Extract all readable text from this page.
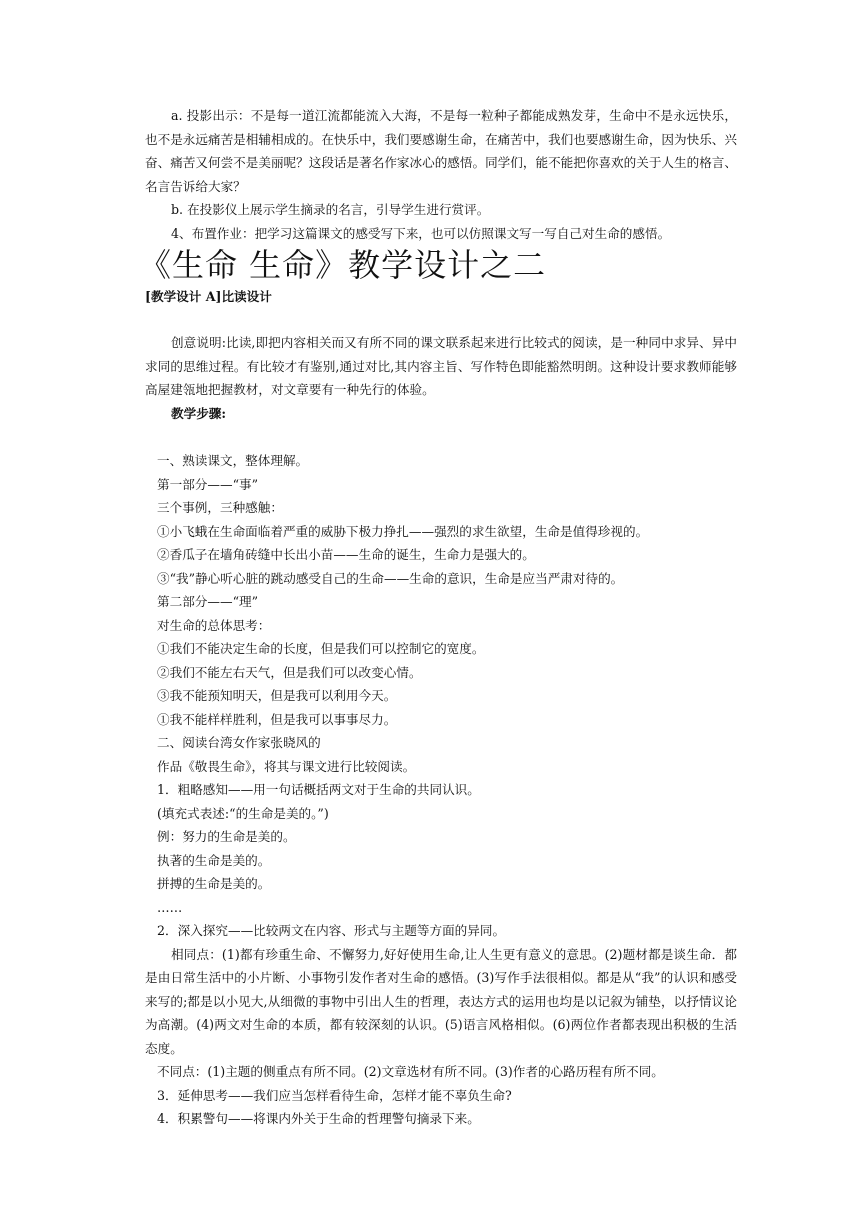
a. 投影出示：不是每一道江流都能流入大海，不是每一粒种子都能成熟发芽，生命中不是永远快乐，也不是永远痛苦是相辅相成的。在快乐中，我们要感谢生命，在痛苦中，我们也要感谢生命，因为快乐、兴奋、痛苦又何尝不是美丽呢？这段话是著名作家冰心的感悟。同学们，能不能把你喜欢的关于人生的格言、名言告诉给大家？

b. 在投影仪上展示学生摘录的名言，引导学生进行赏评。

4、布置作业：把学习这篇课文的感受写下来，也可以仿照课文写一写自己对生命的感悟。

《生命 生命》教学设计之二
[教学设计 A]比读设计

创意说明:比读,即把内容相关而又有所不同的课文联系起来进行比较式的阅读，是一种同中求异、异中求同的思维过程。有比较才有鉴别,通过对比,其内容主旨、写作特色即能豁然明朗。这种设计要求教师能够高屋建瓴地把握教材，对文章要有一种先行的体验。

教学步骤:

一、熟读课文，整体理解。

第一部分——“事”

三个事例，三种感触：

①小飞蛾在生命面临着严重的威胁下极力挣扎——强烈的求生欲望，生命是值得珍视的。

②香瓜子在墙角砖缝中长出小苗——生命的诞生，生命力是强大的。

③“我”静心听心脏的跳动感受自己的生命——生命的意识，生命是应当严肃对待的。

第二部分——“理”

对生命的总体思考：

①我们不能决定生命的长度，但是我们可以控制它的宽度。

②我们不能左右天气，但是我们可以改变心情。

③我不能预知明天，但是我可以利用今天。

①我不能样样胜利，但是我可以事事尽力。

二、阅读台湾女作家张晓风的

作品《敬畏生命》，将其与课文进行比较阅读。

1．粗略感知——用一句话概括两文对于生命的共同认识。

(填充式表述:“的生命是美的。”)

例：努力的生命是美的。

执著的生命是美的。

拼搏的生命是美的。

……

2．深入探究——比较两文在内容、形式与主题等方面的异同。

相同点：(1)都有珍重生命、不懈努力,好好使用生命,让人生更有意义的意思。(2)题材都是谈生命．都是由日常生活中的小片断、小事物引发作者对生命的感悟。(3)写作手法很相似。都是从“我”的认识和感受来写的;都是以小见大,从细微的事物中引出人生的哲理，表达方式的运用也均是以记叙为铺垫，以抒情议论为高潮。(4)两文对生命的本质，都有较深刻的认识。(5)语言风格相似。(6)两位作者都表现出积极的生活态度。

不同点：(1)主题的侧重点有所不同。(2)文章选材有所不同。(3)作者的心路历程有所不同。

3．延伸思考——我们应当怎样看待生命，怎样才能不辜负生命?

4．积累警句——将课内外关于生命的哲理警句摘录下来。
